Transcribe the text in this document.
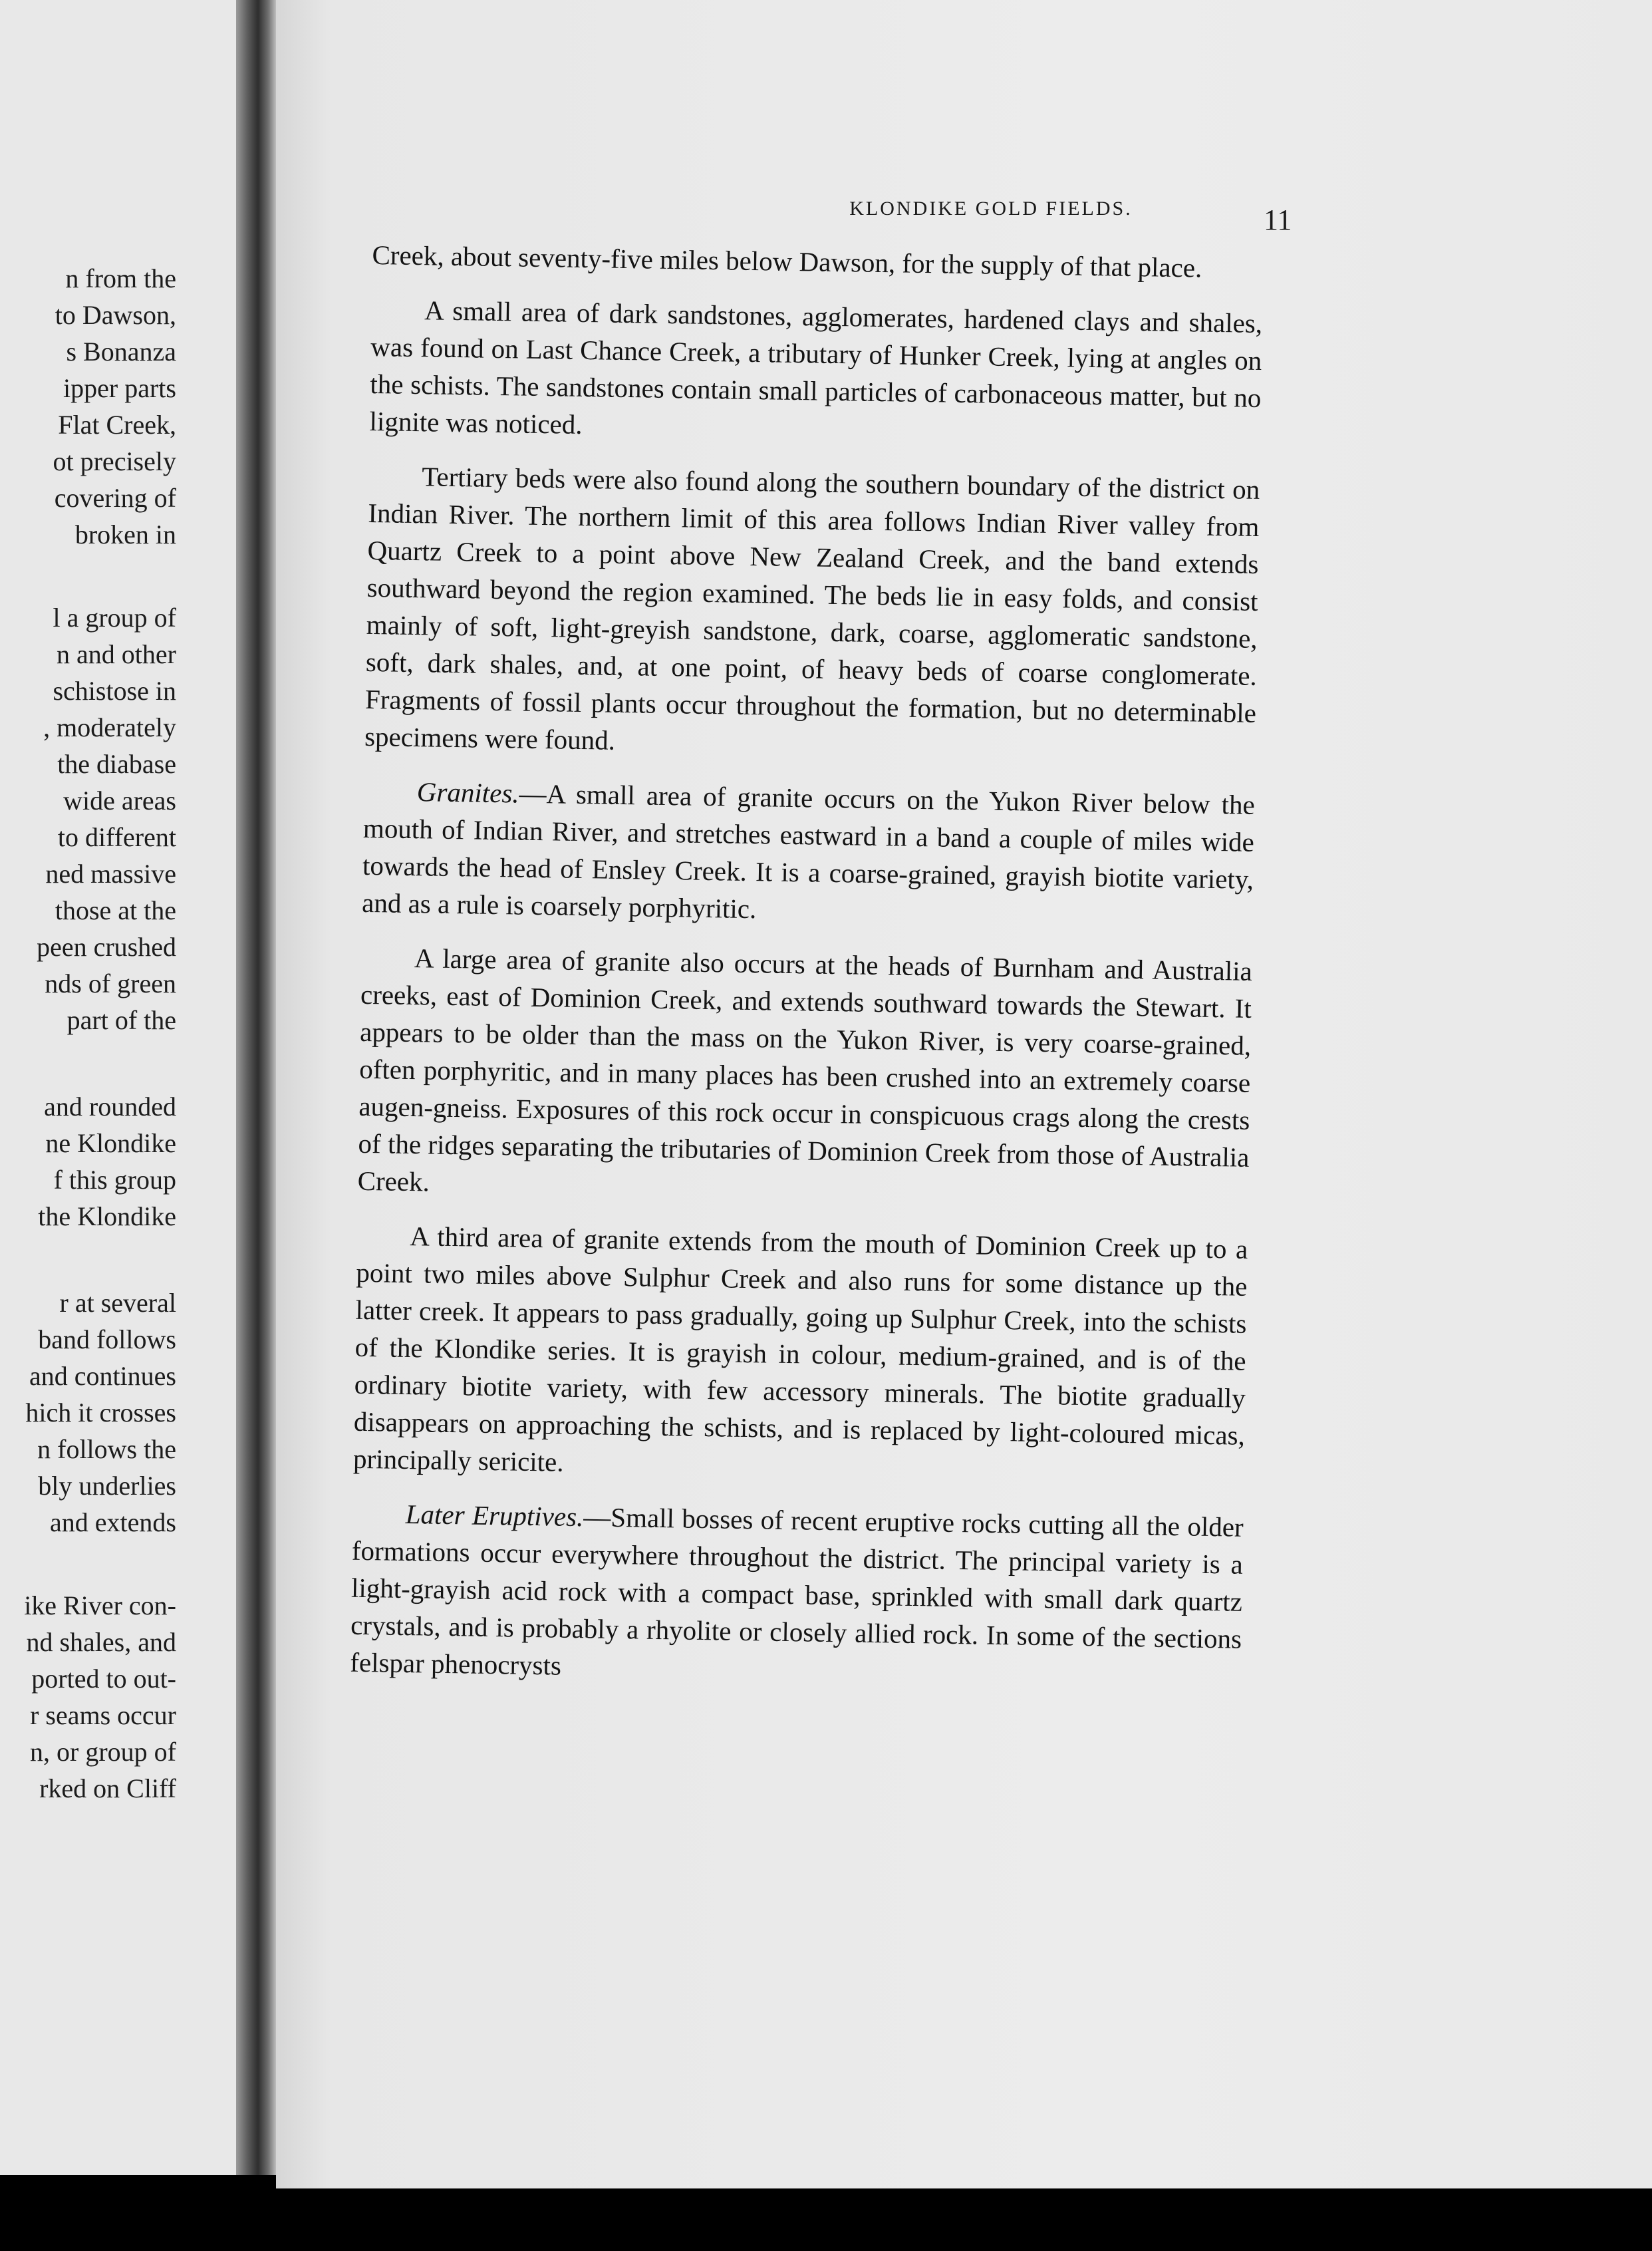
n from the
to Dawson,
s Bonanza
ipper parts
Flat Creek,
ot precisely
covering of
broken in
l a group of
n and other
schistose in
, moderately
the diabase
wide areas
to different
ned massive
those at the
peen crushed
nds of green
part of the
and rounded
ne Klondike
f this group
the Klondike
r at several
band follows
and continues
hich it crosses
n follows the
bly underlies
and extends
ike River con-
nd shales, and
ported to out-
r seams occur
n, or group of
rked on Cliff
KLONDIKE GOLD FIELDS.	11

Creek, about seventy-five miles below Dawson, for the supply of that place.

A small area of dark sandstones, agglomerates, hardened clays and shales, was found on Last Chance Creek, a tributary of Hunker Creek, lying at angles on the schists. The sandstones contain small particles of carbonaceous matter, but no lignite was noticed.

Tertiary beds were also found along the southern boundary of the district on Indian River. The northern limit of this area follows Indian River valley from Quartz Creek to a point above New Zealand Creek, and the band extends southward beyond the region examined. The beds lie in easy folds, and consist mainly of soft, light-greyish sandstone, dark, coarse, agglomeratic sandstone, soft, dark shales, and, at one point, of heavy beds of coarse conglomerate. Fragments of fossil plants occur throughout the formation, but no determinable specimens were found.

Granites.—A small area of granite occurs on the Yukon River below the mouth of Indian River, and stretches eastward in a band a couple of miles wide towards the head of Ensley Creek. It is a coarse-grained, grayish biotite variety, and as a rule is coarsely porphyritic.

A large area of granite also occurs at the heads of Burnham and Australia creeks, east of Dominion Creek, and extends southward towards the Stewart. It appears to be older than the mass on the Yukon River, is very coarse-grained, often porphyritic, and in many places has been crushed into an extremely coarse augen-gneiss. Exposures of this rock occur in conspicuous crags along the crests of the ridges separating the tributaries of Dominion Creek from those of Australia Creek.

A third area of granite extends from the mouth of Dominion Creek up to a point two miles above Sulphur Creek and also runs for some distance up the latter creek. It appears to pass gradually, going up Sulphur Creek, into the schists of the Klondike series. It is grayish in colour, medium-grained, and is of the ordinary biotite variety, with few accessory minerals. The biotite gradually disappears on approaching the schists, and is replaced by light-coloured micas, principally sericite.

Later Eruptives.—Small bosses of recent eruptive rocks cutting all the older formations occur everywhere throughout the district. The principal variety is a light-grayish acid rock with a compact base, sprinkled with small dark quartz crystals, and is probably a rhyolite or closely allied rock. In some of the sections felspar phenocrysts
